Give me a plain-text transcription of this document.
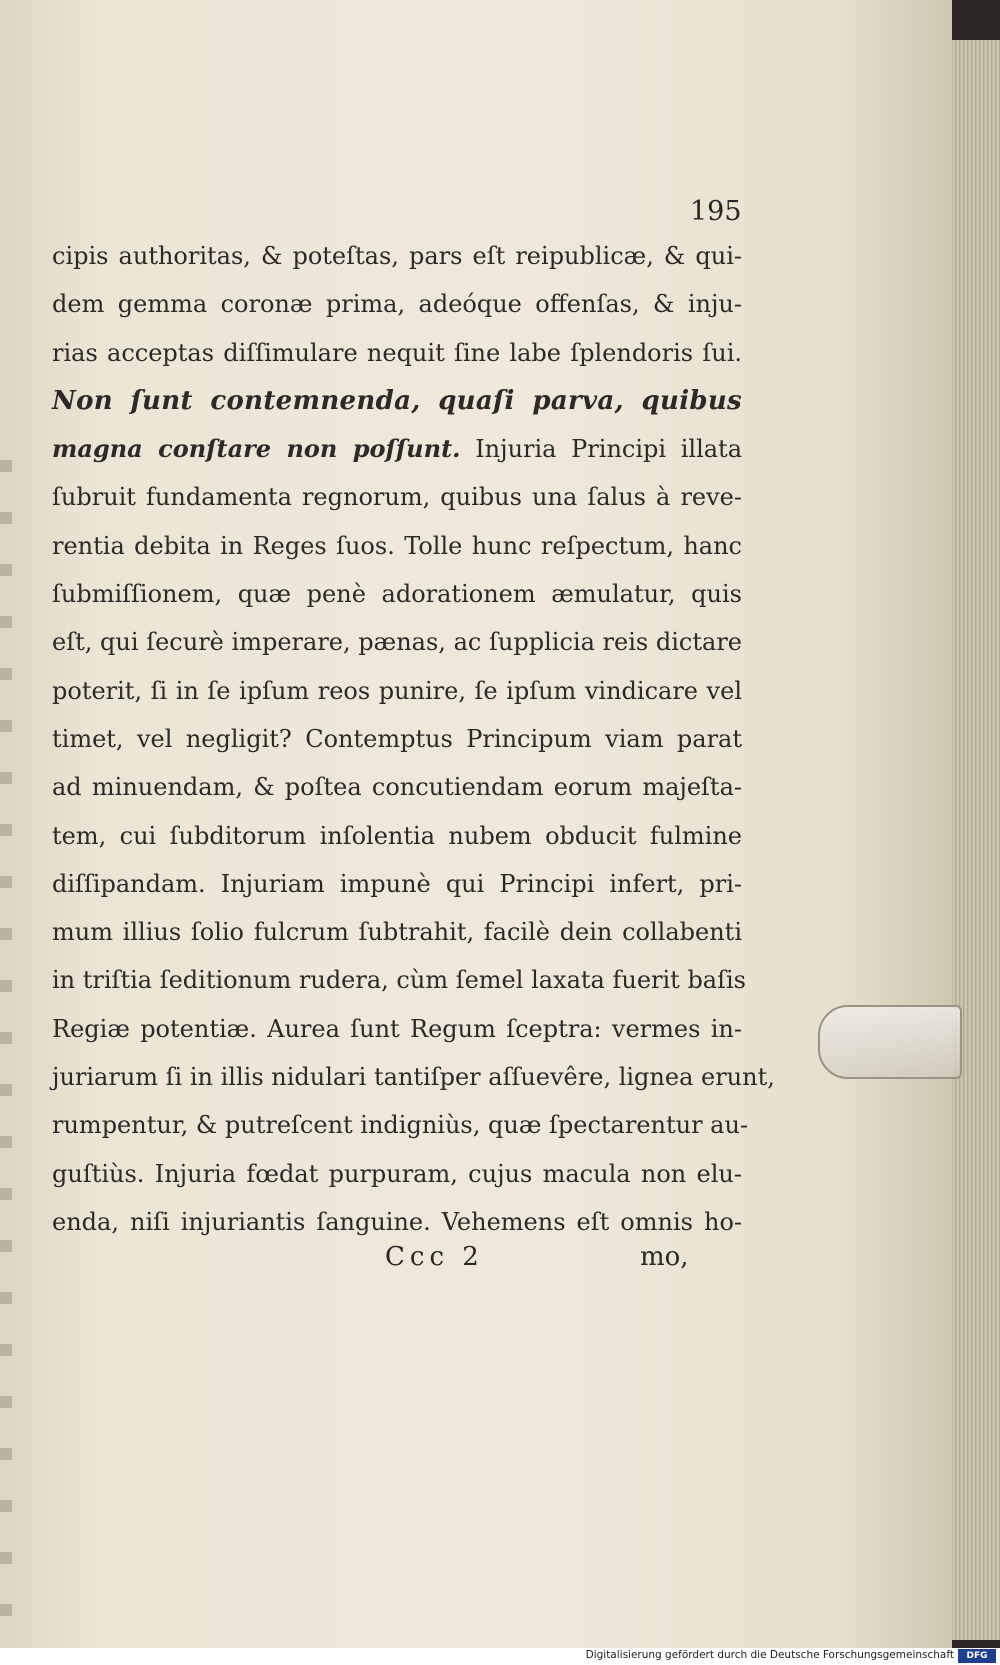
195
cipis authoritas, & poteſtas, pars eſt reipublicæ, & qui-
dem gemma coronæ prima, adeóque offenſas, & inju-
rias acceptas diſſimulare nequit ſine labe ſplendoris ſui.
Non ſunt contemnenda, quaſi parva, quibus
magna conſtare non poſſunt. Injuria Principi illata
ſubruit fundamenta regnorum, quibus una ſalus à reve-
rentia debita in Reges ſuos. Tolle hunc reſpectum, hanc
ſubmiſſionem, quæ penè adorationem æmulatur, quis
eſt, qui ſecurè imperare, pænas, ac ſupplicia reis dictare
poterit, ſi in ſe ipſum reos punire, ſe ipſum vindicare vel
timet, vel negligit? Contemptus Principum viam parat
ad minuendam, & poſtea concutiendam eorum majeſta-
tem, cui ſubditorum inſolentia nubem obducit fulmine
diſſipandam. Injuriam impunè qui Principi infert, pri-
mum illius ſolio fulcrum ſubtrahit, facilè dein collabenti
in triſtia ſeditionum rudera, cùm ſemel laxata fuerit baſis
Regiæ potentiæ. Aurea ſunt Regum ſceptra: vermes in-
juriarum ſi in illis nidulari tantiſper aſſuevêre, lignea erunt,
rumpentur, & putreſcent indigniùs, quæ ſpectarentur au-
guſtiùs. Injuria fœdat purpuram, cujus macula non elu-
enda, niſi injuriantis ſanguine. Vehemens eſt omnis ho-
Ccc 2	mo,
Digitalisierung gefördert durch die Deutsche Forschungsgemeinschaft	DFG
